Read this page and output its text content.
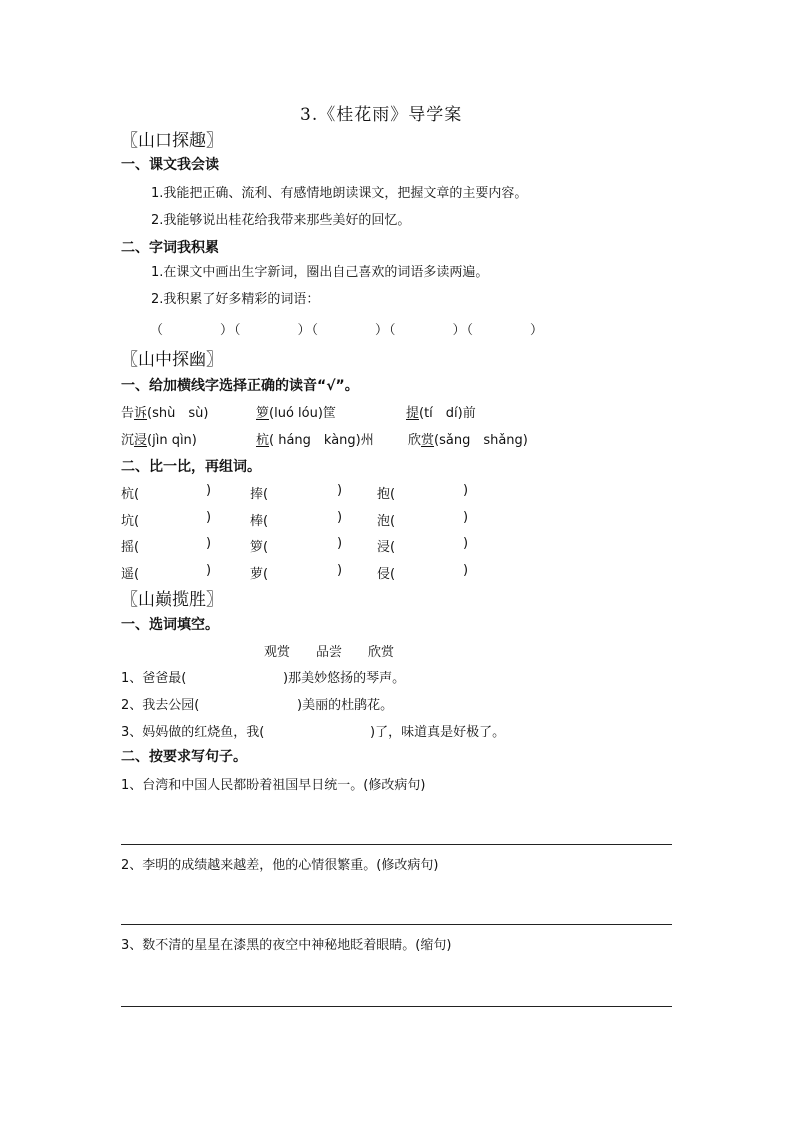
3.《桂花雨》导学案
〖山口探趣〗
一、课文我会读
1.我能把正确、流利、有感情地朗读课文，把握文章的主要内容。
2.我能够说出桂花给我带来那些美好的回忆。
二、字词我积累
1.在课文中画出生字新词，圈出自己喜欢的词语多读两遍。
2.我积累了好多精彩的词语：
（　　　　）（　　　　）（　　　　）（　　　　）（　　　　）
〖山中探幽〗
一、给加横线字选择正确的读音“√”。
告诉(shù　sù)	箩(luó lóu)筐	提(tí　dí)前
沉浸(jìn qìn)	杭( háng　kàng)州	欣赏(sǎng　shǎng)
二、比一比，再组词。
杭(	)	捧(	)	抱(	)
坑(	)	棒(	)	泡(	)
摇(	)	箩(	)	浸(	)
遥(	)	萝(	)	侵(	)
〖山巅揽胜〗
一、选词填空。
观赏　　品尝　　欣赏
1、爸爸最(	)那美妙悠扬的琴声。
2、我去公园(	)美丽的杜鹃花。
3、妈妈做的红烧鱼，我(	)了，味道真是好极了。
二、按要求写句子。
1、台湾和中国人民都盼着祖国早日统一。(修改病句)
2、李明的成绩越来越差，他的心情很繁重。(修改病句)
3、数不清的星星在漆黑的夜空中神秘地眨着眼睛。(缩句)
